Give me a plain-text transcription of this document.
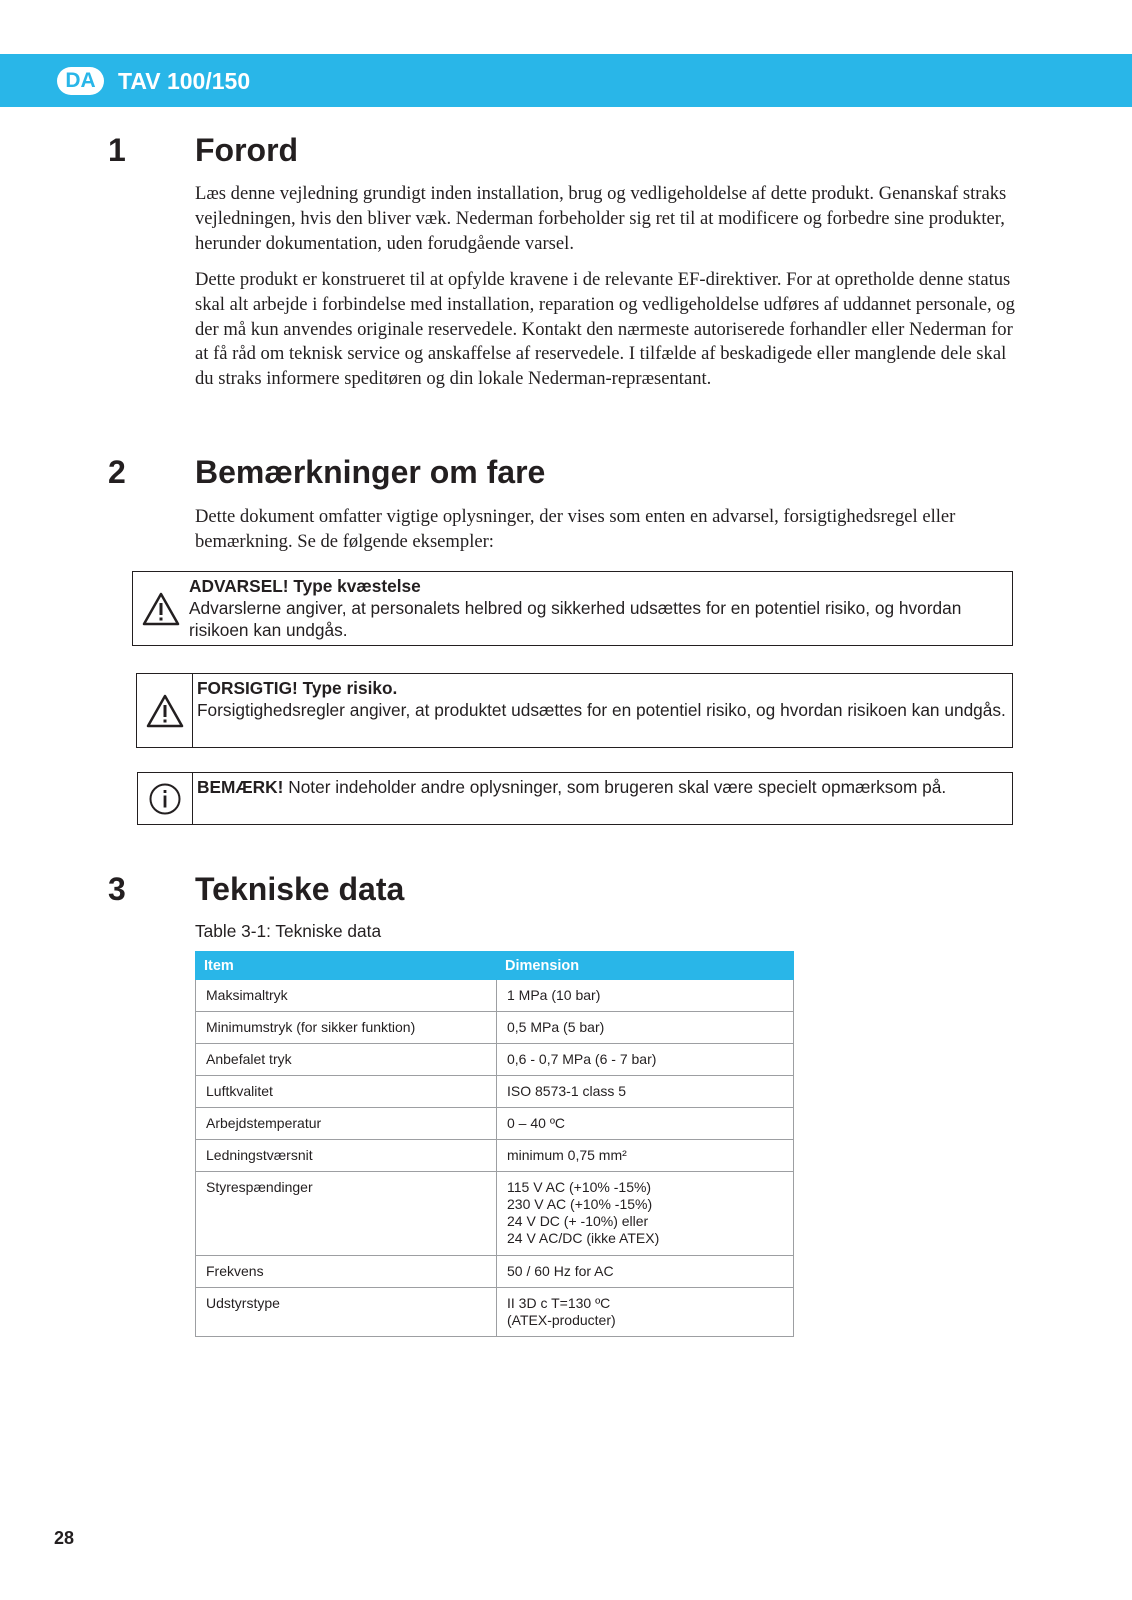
DA TAV 100/150
1 Forord

Læs denne vejledning grundigt inden installation, brug og vedligeholdelse af dette produkt. Genanskaf straks vejledningen, hvis den bliver væk. Nederman forbeholder sig ret til at modificere og forbedre sine produkter, herunder dokumentation, uden forudgående varsel.

Dette produkt er konstrueret til at opfylde kravene i de relevante EF-direktiver. For at opretholde denne status skal alt arbejde i forbindelse med installation, reparation og vedligeholdelse udføres af uddannet personale, og der må kun anvendes originale reservedele. Kontakt den nærmeste autoriserede forhandler eller Nederman for at få råd om teknisk service og anskaffelse af reservedele. I tilfælde af beskadigede eller manglende dele skal du straks informere speditøren og din lokale Nederman-repræsentant.

2 Bemærkninger om fare

Dette dokument omfatter vigtige oplysninger, der vises som enten en advarsel, forsigtighedsregel eller bemærkning. Se de følgende eksempler:

ADVARSEL! Type kvæstelse
Advarslerne angiver, at personalets helbred og sikkerhed udsættes for en potentiel risiko, og hvordan risikoen kan undgås.
FORSIGTIG! Type risiko.
Forsigtighedsregler angiver, at produktet udsættes for en potentiel risiko, og hvordan risikoen kan undgås.
BEMÆRK! Noter indeholder andre oplysninger, som brugeren skal være specielt opmærksom på.
3 Tekniske data
Table 3-1: Tekniske data
Item	Dimension
Maksimaltryk	1 MPa (10 bar)

Minimumstryk (for sikker funktion)	0,5 MPa (5 bar)

Anbefalet tryk	0,6 - 0,7 MPa (6 - 7 bar)

Luftkvalitet	ISO 8573-1 class 5

Arbejdstemperatur	0 – 40 ºC

Ledningstværsnit	minimum 0,75 mm²

Styrespændinger	115 V AC (+10% -15%)
230 V AC (+10% -15%)
24 V DC (+ -10%) eller
24 V AC/DC (ikke ATEX)

Frekvens	50 / 60 Hz for AC

Udstyrstype	II 3D c T=130 ºC
(ATEX-producter)
28
